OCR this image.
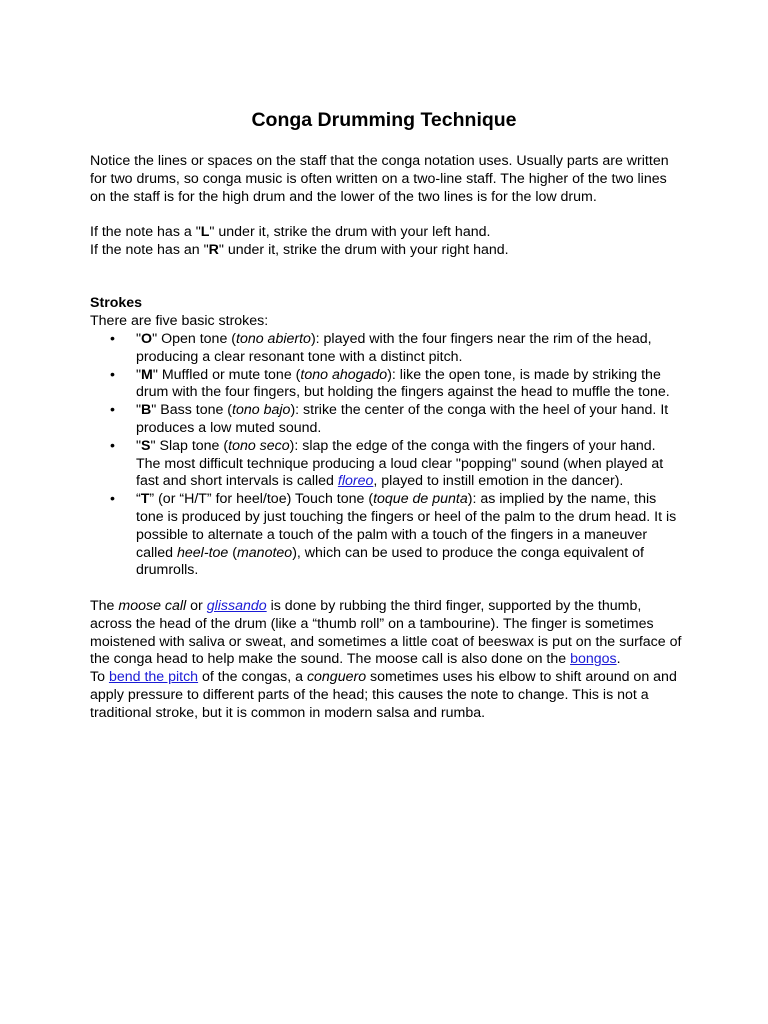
Conga Drumming Technique

Notice the lines or spaces on the staff that the conga notation uses. Usually parts are written for two drums, so conga music is often written on a two-line staff. The higher of the two lines on the staff is for the high drum and the lower of the two lines is for the low drum.

If the note has a "L" under it, strike the drum with your left hand.

If the note has an "R" under it, strike the drum with your right hand.

Strokes

There are five basic strokes:

• "O" Open tone (tono abierto): played with the four fingers near the rim of the head, producing a clear resonant tone with a distinct pitch.
• "M" Muffled or mute tone (tono ahogado): like the open tone, is made by striking the drum with the four fingers, but holding the fingers against the head to muffle the tone.
• "B" Bass tone (tono bajo): strike the center of the conga with the heel of your hand. It produces a low muted sound.
• "S" Slap tone (tono seco): slap the edge of the conga with the fingers of your hand. The most difficult technique producing a loud clear "popping" sound (when played at fast and short intervals is called floreo, played to instill emotion in the dancer).
• “T” (or “H/T” for heel/toe) Touch tone (toque de punta): as implied by the name, this tone is produced by just touching the fingers or heel of the palm to the drum head. It is possible to alternate a touch of the palm with a touch of the fingers in a maneuver called heel-toe (manoteo), which can be used to produce the conga equivalent of drumrolls.

The moose call or glissando is done by rubbing the third finger, supported by the thumb, across the head of the drum (like a “thumb roll” on a tambourine). The finger is sometimes moistened with saliva or sweat, and sometimes a little coat of beeswax is put on the surface of the conga head to help make the sound. The moose call is also done on the bongos.

To bend the pitch of the congas, a conguero sometimes uses his elbow to shift around on and apply pressure to different parts of the head; this causes the note to change. This is not a traditional stroke, but it is common in modern salsa and rumba.
